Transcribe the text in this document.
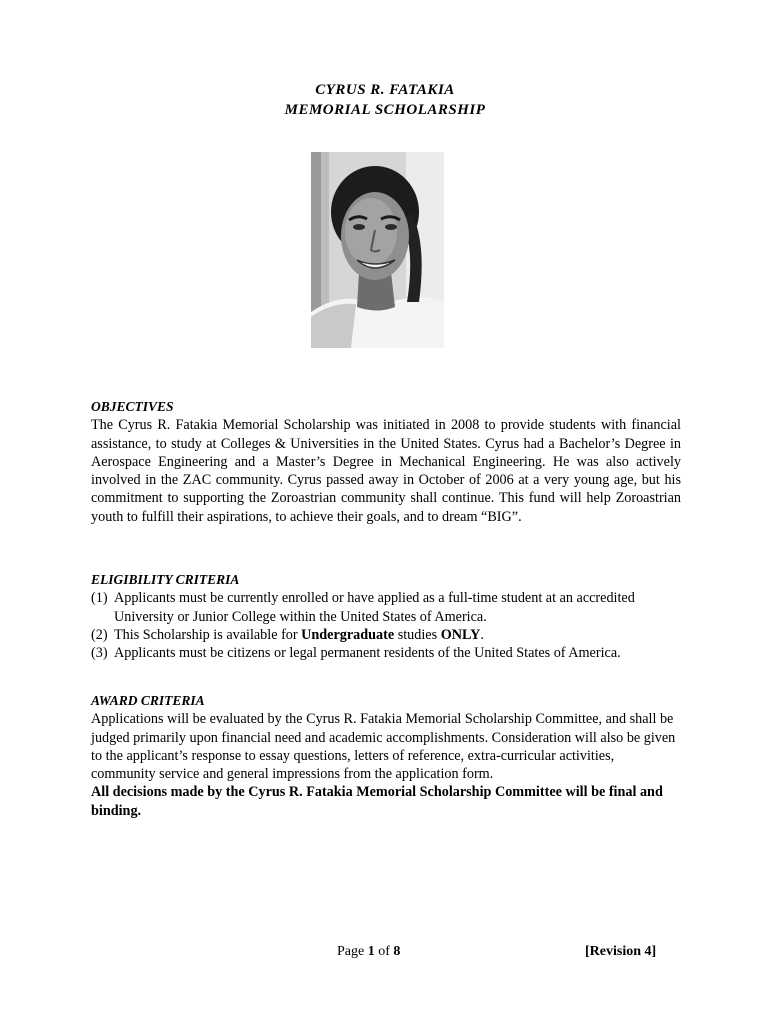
CYRUS R. FATAKIA
MEMORIAL SCHOLARSHIP
OBJECTIVES
The Cyrus R. Fatakia Memorial Scholarship was initiated in 2008 to provide students with financial assistance, to study at Colleges & Universities in the United States. Cyrus had a Bachelor’s Degree in Aerospace Engineering and a Master’s Degree in Mechanical Engineering. He was also actively involved in the ZAC community. Cyrus passed away in October of 2006 at a very young age, but his commitment to supporting the Zoroastrian community shall continue. This fund will help Zoroastrian youth to fulfill their aspirations, to achieve their goals, and to dream “BIG”.
ELIGIBILITY CRITERIA
(1) Applicants must be currently enrolled or have applied as a full-time student at an accredited University or Junior College within the United States of America.
(2) This Scholarship is available for Undergraduate studies ONLY.
(3) Applicants must be citizens or legal permanent residents of the United States of America.
AWARD CRITERIA
Applications will be evaluated by the Cyrus R. Fatakia Memorial Scholarship Committee, and shall be judged primarily upon financial need and academic accomplishments. Consideration will also be given to the applicant’s response to essay questions, letters of reference, extra-curricular activities, community service and general impressions from the application form.
All decisions made by the Cyrus R. Fatakia Memorial Scholarship Committee will be final and binding.
Page 1 of 8	[Revision 4]
